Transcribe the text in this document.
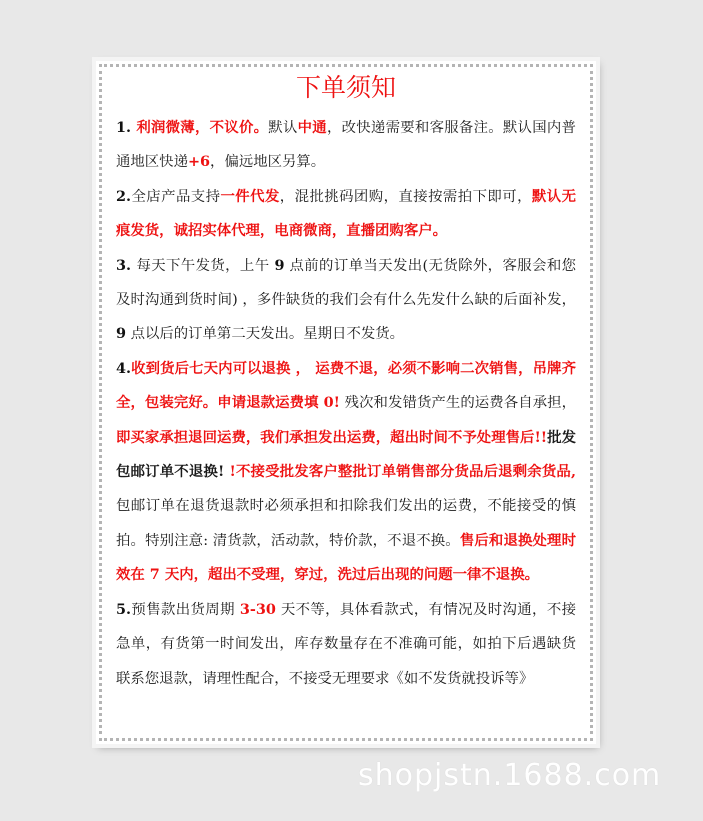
下单须知

1. 利润微薄，不议价。默认中通，改快递需要和客服备注。默认国内普通地区快递+6，偏远地区另算。

2.全店产品支持一件代发，混批挑码团购，直接按需拍下即可，默认无痕发货，诚招实体代理，电商微商，直播团购客户。

3. 每天下午发货，上午 9 点前的订单当天发出(无货除外，客服会和您及时沟通到货时间) ，多件缺货的我们会有什么先发什么缺的后面补发，9 点以后的订单第二天发出。星期日不发货。

4.收到货后七天内可以退换 ， 运费不退，必须不影响二次销售，吊牌齐全，包装完好。申请退款运费填 0! 残次和发错货产生的运费各自承担，即买家承担退回运费，我们承担发出运费，超出时间不予处理售后!!批发包邮订单不退换! !不接受批发客户整批订单销售部分货品后退剩余货品,包邮订单在退货退款时必须承担和扣除我们发出的运费，不能接受的慎拍。特别注意: 清货款，活动款，特价款，不退不换。售后和退换处理时效在 7 天内，超出不受理，穿过，洗过后出现的问题一律不退换。

5.预售款出货周期 3-30 天不等，具体看款式，有情况及时沟通，不接急单，有货第一时间发出，库存数量存在不准确可能，如拍下后遇缺货联系您退款，请理性配合，不接受无理要求《如不发货就投诉等》

shopjstn.1688.com
